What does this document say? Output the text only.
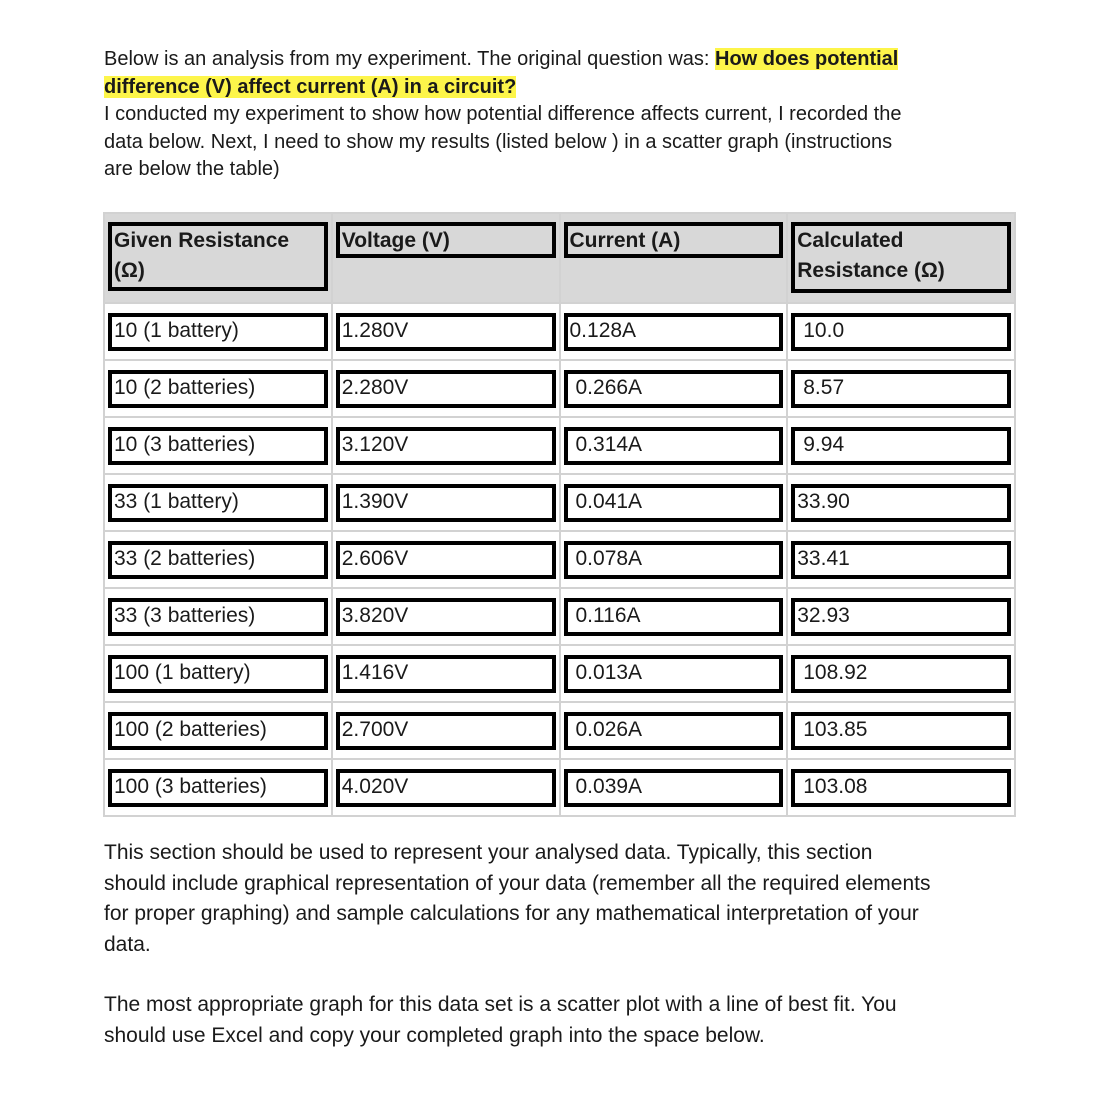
Below is an analysis from my experiment. The original question was: How does potential difference (V) affect current (A) in a circuit?

I conducted my experiment to show how potential difference affects current, I recorded the data below. Next, I need to show my results (listed below ) in a scatter graph (instructions are below the table)

Given Resistance (Ω)	Voltage (V)	Current (A)	Calculated Resistance (Ω)

10 (1 battery)	1.280V	0.128A	10.0

10 (2 batteries)	2.280V	0.266A	8.57

10 (3 batteries)	3.120V	0.314A	9.94

33 (1 battery)	1.390V	0.041A	33.90

33 (2 batteries)	2.606V	0.078A	33.41

33 (3 batteries)	3.820V	0.116A	32.93

100 (1 battery)	1.416V	0.013A	108.92

100 (2 batteries)	2.700V	0.026A	103.85

100 (3 batteries)	4.020V	0.039A	103.08

This section should be used to represent your analysed data. Typically, this section should include graphical representation of your data (remember all the required elements for proper graphing) and sample calculations for any mathematical interpretation of your data.

The most appropriate graph for this data set is a scatter plot with a line of best fit. You should use Excel and copy your completed graph into the space below.
